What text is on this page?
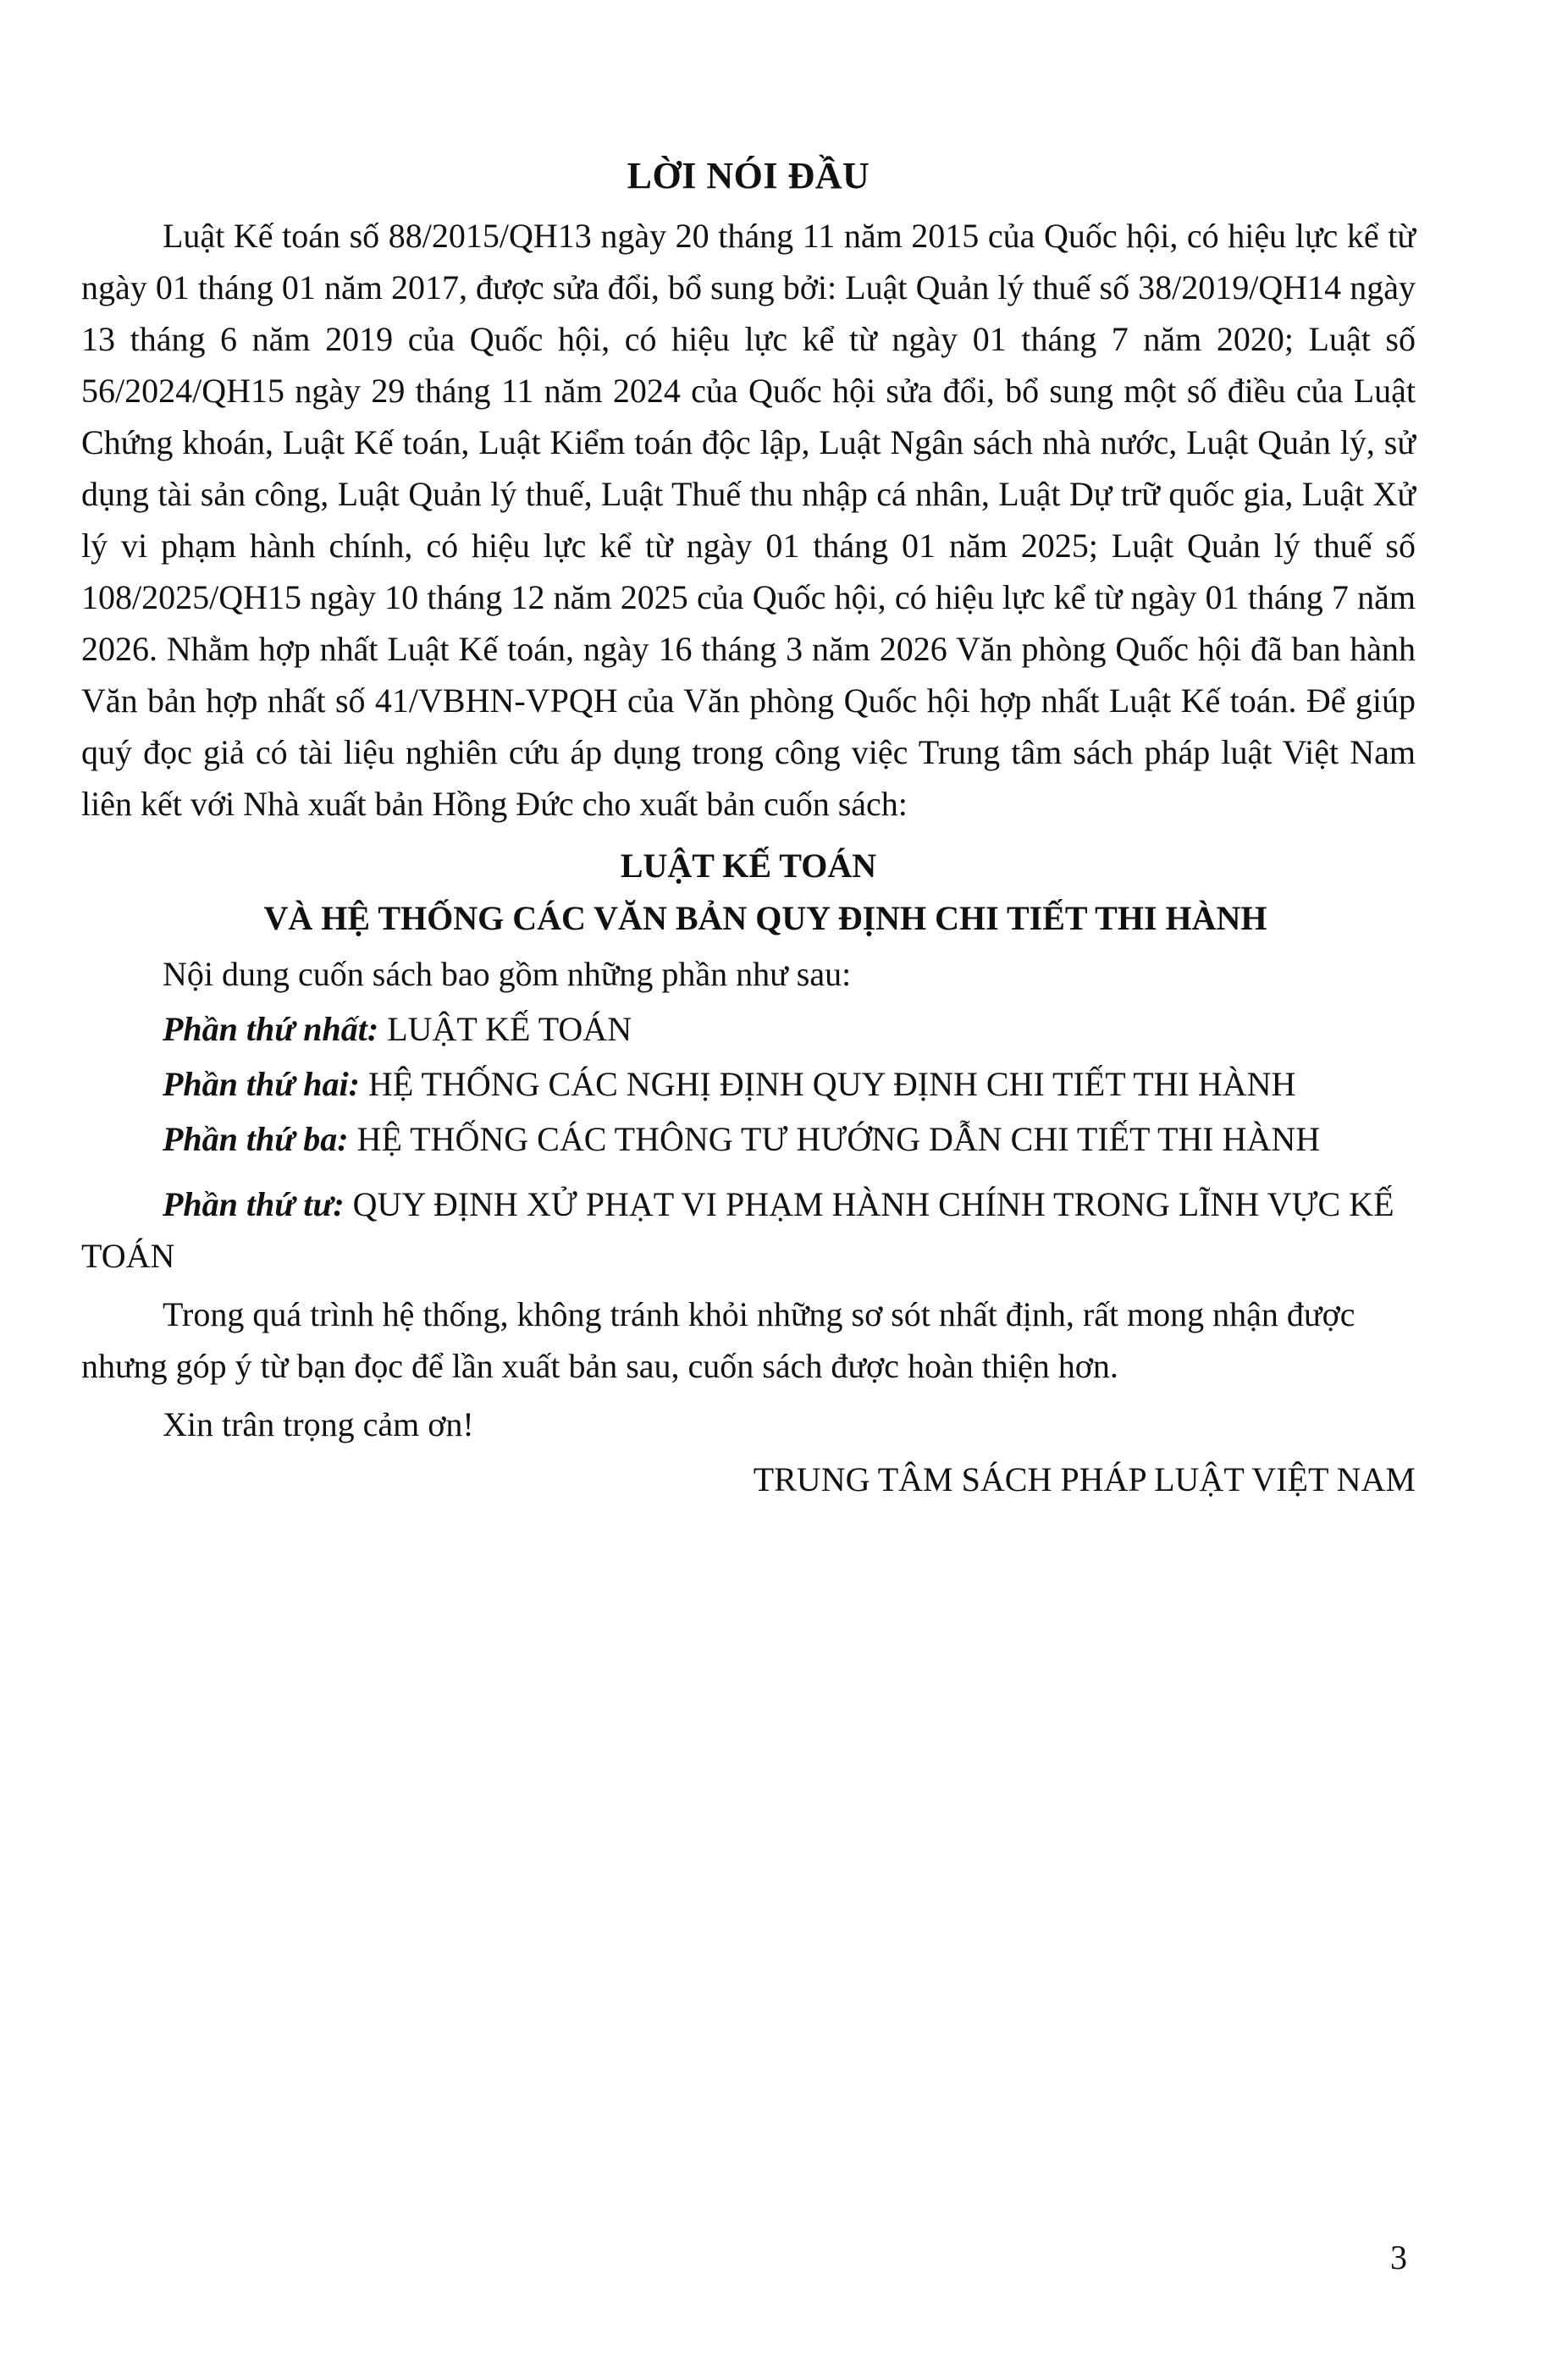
LỜI NÓI ĐẦU

Luật Kế toán số 88/2015/QH13 ngày 20 tháng 11 năm 2015 của Quốc hội, có hiệu lực kể từ ngày 01 tháng 01 năm 2017, được sửa đổi, bổ sung bởi: Luật Quản lý thuế số 38/2019/QH14 ngày 13 tháng 6 năm 2019 của Quốc hội, có hiệu lực kể từ ngày 01 tháng 7 năm 2020; Luật số 56/2024/QH15 ngày 29 tháng 11 năm 2024 của Quốc hội sửa đổi, bổ sung một số điều của Luật Chứng khoán, Luật Kế toán, Luật Kiểm toán độc lập, Luật Ngân sách nhà nước, Luật Quản lý, sử dụng tài sản công, Luật Quản lý thuế, Luật Thuế thu nhập cá nhân, Luật Dự trữ quốc gia, Luật Xử lý vi phạm hành chính, có hiệu lực kể từ ngày 01 tháng 01 năm 2025; Luật Quản lý thuế số 108/2025/QH15 ngày 10 tháng 12 năm 2025 của Quốc hội, có hiệu lực kể từ ngày 01 tháng 7 năm 2026. Nhằm hợp nhất Luật Kế toán, ngày 16 tháng 3 năm 2026 Văn phòng Quốc hội đã ban hành Văn bản hợp nhất số 41/VBHN-VPQH của Văn phòng Quốc hội hợp nhất Luật Kế toán. Để giúp quý đọc giả có tài liệu nghiên cứu áp dụng trong công việc Trung tâm sách pháp luật Việt Nam liên kết với Nhà xuất bản Hồng Đức cho xuất bản cuốn sách:

LUẬT KẾ TOÁN

VÀ HỆ THỐNG CÁC VĂN BẢN QUY ĐỊNH CHI TIẾT THI HÀNH

Nội dung cuốn sách bao gồm những phần như sau:

Phần thứ nhất: LUẬT KẾ TOÁN

Phần thứ hai: HỆ THỐNG CÁC NGHỊ ĐỊNH QUY ĐỊNH CHI TIẾT THI HÀNH

Phần thứ ba: HỆ THỐNG CÁC THÔNG TƯ HƯỚNG DẪN CHI TIẾT THI HÀNH

Phần thứ tư: QUY ĐỊNH XỬ PHẠT VI PHẠM HÀNH CHÍNH TRONG LĨNH VỰC KẾ TOÁN

Trong quá trình hệ thống, không tránh khỏi những sơ sót nhất định, rất mong nhận được nhưng góp ý từ bạn đọc để lần xuất bản sau, cuốn sách được hoàn thiện hơn.

Xin trân trọng cảm ơn!

TRUNG TÂM SÁCH PHÁP LUẬT VIỆT NAM

3
